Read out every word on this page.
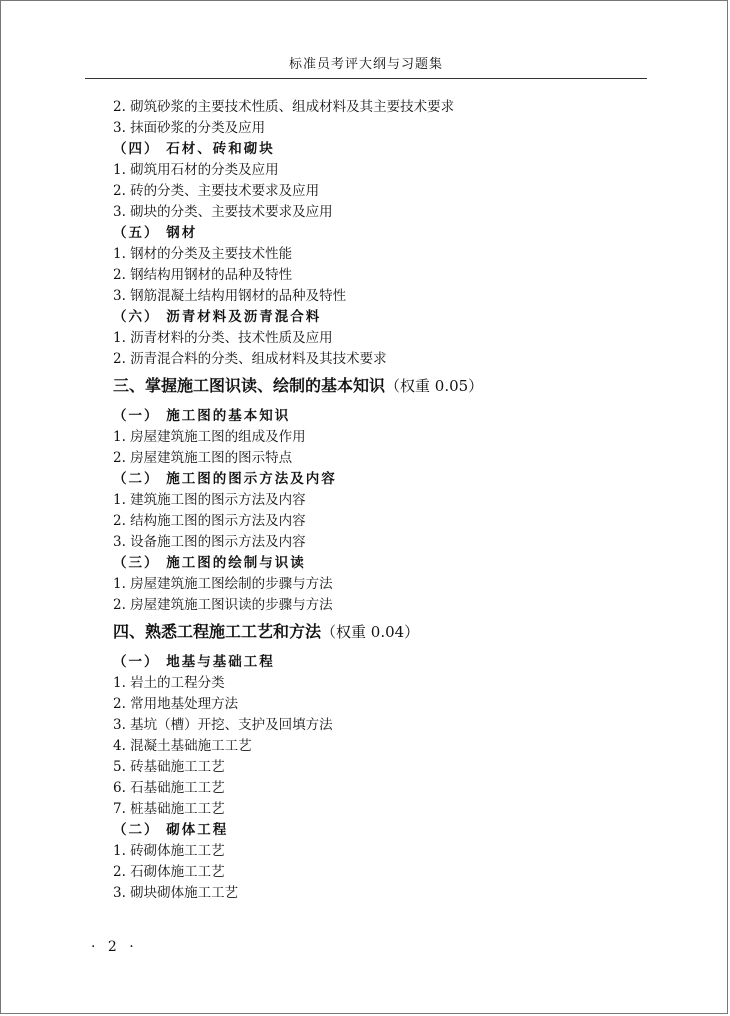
标准员考评大纲与习题集
2. 砌筑砂浆的主要技术性质、组成材料及其主要技术要求
3. 抹面砂浆的分类及应用
（四） 石材、砖和砌块
1. 砌筑用石材的分类及应用
2. 砖的分类、主要技术要求及应用
3. 砌块的分类、主要技术要求及应用
（五） 钢材
1. 钢材的分类及主要技术性能
2. 钢结构用钢材的品种及特性
3. 钢筋混凝土结构用钢材的品种及特性
（六） 沥青材料及沥青混合料
1. 沥青材料的分类、技术性质及应用
2. 沥青混合料的分类、组成材料及其技术要求
三、掌握施工图识读、绘制的基本知识（权重 0.05）
（一） 施工图的基本知识
1. 房屋建筑施工图的组成及作用
2. 房屋建筑施工图的图示特点
（二） 施工图的图示方法及内容
1. 建筑施工图的图示方法及内容
2. 结构施工图的图示方法及内容
3. 设备施工图的图示方法及内容
（三） 施工图的绘制与识读
1. 房屋建筑施工图绘制的步骤与方法
2. 房屋建筑施工图识读的步骤与方法
四、熟悉工程施工工艺和方法（权重 0.04）
（一） 地基与基础工程
1. 岩土的工程分类
2. 常用地基处理方法
3. 基坑（槽）开挖、支护及回填方法
4. 混凝土基础施工工艺
5. 砖基础施工工艺
6. 石基础施工工艺
7. 桩基础施工工艺
（二） 砌体工程
1. 砖砌体施工工艺
2. 石砌体施工工艺
3. 砌块砌体施工工艺
· 2 ·
